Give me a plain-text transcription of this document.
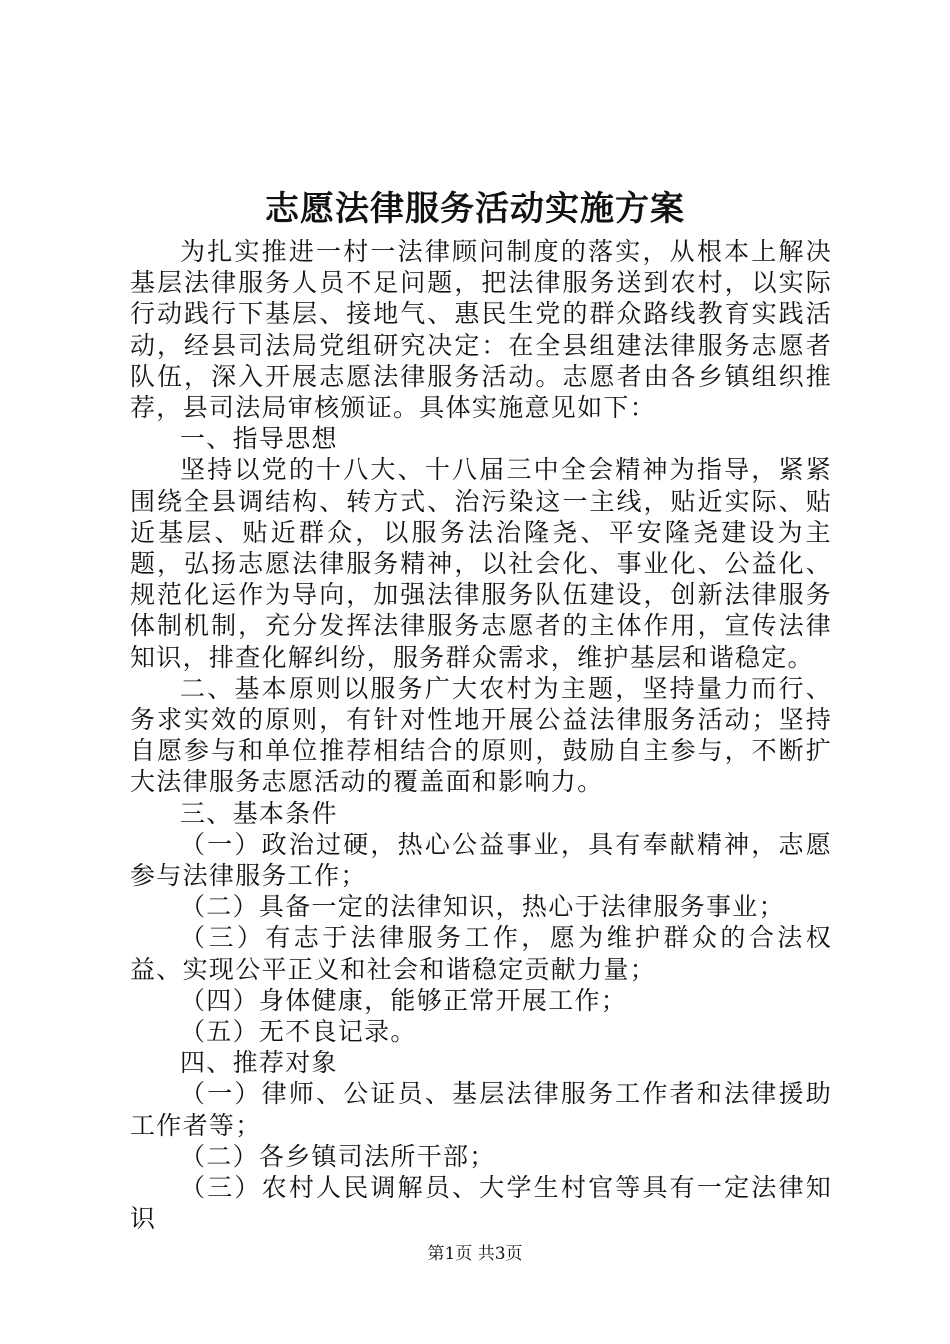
志愿法律服务活动实施方案

为扎实推进一村一法律顾问制度的落实，从根本上解决基层法律服务人员不足问题，把法律服务送到农村，以实际行动践行下基层、接地气、惠民生党的群众路线教育实践活动，经县司法局党组研究决定：在全县组建法律服务志愿者队伍，深入开展志愿法律服务活动。志愿者由各乡镇组织推荐，县司法局审核颁证。具体实施意见如下：

一、指导思想

坚持以党的十八大、十八届三中全会精神为指导，紧紧围绕全县调结构、转方式、治污染这一主线，贴近实际、贴近基层、贴近群众，以服务法治隆尧、平安隆尧建设为主题，弘扬志愿法律服务精神，以社会化、事业化、公益化、规范化运作为导向，加强法律服务队伍建设，创新法律服务体制机制，充分发挥法律服务志愿者的主体作用，宣传法律知识，排查化解纠纷，服务群众需求，维护基层和谐稳定。

二、基本原则以服务广大农村为主题，坚持量力而行、务求实效的原则，有针对性地开展公益法律服务活动；坚持自愿参与和单位推荐相结合的原则，鼓励自主参与，不断扩大法律服务志愿活动的覆盖面和影响力。

三、基本条件

（一）政治过硬，热心公益事业，具有奉献精神，志愿参与法律服务工作；

（二）具备一定的法律知识，热心于法律服务事业；

（三）有志于法律服务工作，愿为维护群众的合法权益、实现公平正义和社会和谐稳定贡献力量；

（四）身体健康，能够正常开展工作；

（五）无不良记录。

四、推荐对象

（一）律师、公证员、基层法律服务工作者和法律援助工作者等；

（二）各乡镇司法所干部；

（三）农村人民调解员、大学生村官等具有一定法律知识

第1页 共3页
